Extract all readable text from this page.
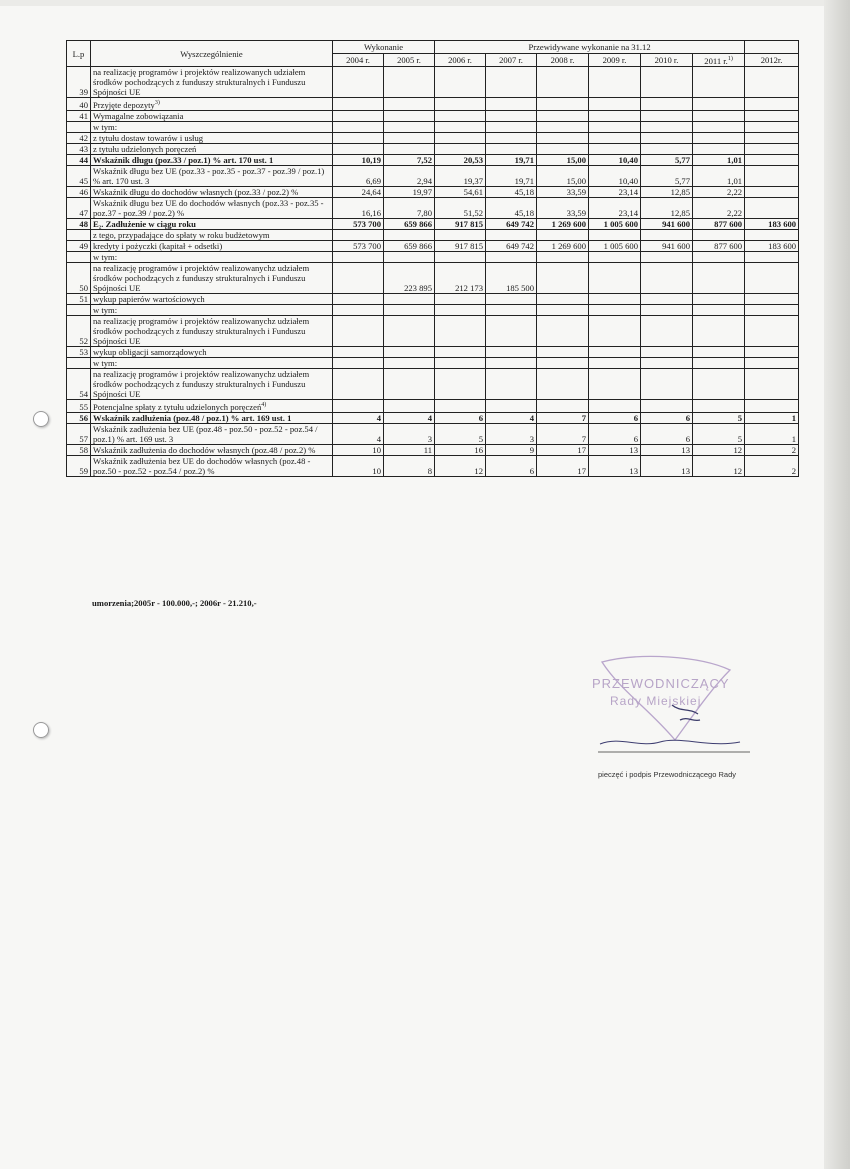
L.p	Wyszczególnienie	Wykonanie		Przewidywane wykonanie na 31.12						
		2004 r.	2005 r.	2006 r.	2007 r.	2008 r.	2009 r.	2010 r.	2011 r.$^{1)}$	2012r.
39	na realizację programów i projektów realizowanych udziałem środków pochodzących z funduszy strukturalnych i Funduszu Spójności UE									
40	Przyjęte depozyty$^{3)}$									
41	Wymagalne zobowiązania									
	w tym:									
42	z tytułu dostaw towarów i usług									
43	z tytułu udzielonych poręczeń									
44	Wskaźnik długu (poz.33 / poz.1) % art. 170 ust. 1	10,19	7,52	20,53	19,71	15,00	10,40	5,77	1,01	
45	Wskaźnik długu bez UE (poz.33 - poz.35 - poz.37 - poz.39 / poz.1) % art. 170 ust. 3	6,69	2,94	19,37	19,71	15,00	10,40	5,77	1,01	
46	Wskaźnik długu do dochodów własnych (poz.33 / poz.2) %	24,64	19,97	54,61	45,18	33,59	23,14	12,85	2,22	
47	Wskaźnik długu bez UE do dochodów własnych (poz.33 - poz.35 - poz.37 - poz.39 / poz.2) %	16,16	7,80	51,52	45,18	33,59	23,14	12,85	2,22	
48	E₂. Zadłużenie w ciągu roku	573 700	659 866	917 815	649 742	1 269 600	1 005 600	941 600	877 600	183 600
	z tego, przypadające do spłaty w roku budżetowym									
49	kredyty i pożyczki (kapitał + odsetki)	573 700	659 866	917 815	649 742	1 269 600	1 005 600	941 600	877 600	183 600
	w tym:									
50	na realizację programów i projektów realizowanychz udziałem środków pochodzących z funduszy strukturalnych i Funduszu Spójności UE		223 895	212 173	185 500					
51	wykup papierów wartościowych									
	w tym:									
52	na realizację programów i projektów realizowanychz udziałem środków pochodzących z funduszy strukturalnych i Funduszu Spójności UE									
53	wykup obligacji samorządowych									
	w tym:									
54	na realizację programów i projektów realizowanychz udziałem środków pochodzących z funduszy strukturalnych i Funduszu Spójności UE									
55	Potencjalne spłaty z tytułu udzielonych poręczeń$^{4)}$									
56	Wskaźnik zadłużenia (poz.48 / poz.1) % art. 169 ust. 1	4	4	6	4	7	6	6	5	1
57	Wskaźnik zadłużenia bez UE (poz.48 - poz.50 - poz.52 - poz.54 / poz.1) % art. 169 ust. 3	4	3	5	3	7	6	6	5	1
58	Wskaźnik zadłużenia do dochodów własnych (poz.48 / poz.2) %	10	11	16	9	17	13	13	12	2
59	Wskaźnik zadłużenia bez UE do dochodów własnych (poz.48 - poz.50 - poz.52 - poz.54 / poz.2) %	10	8	12	6	17	13	13	12	2
umorzenia;2005r - 100.000,-; 2006r - 21.210,-
PRZEWODNICZĄCY
Rady Miejskiej
pieczęć i podpis Przewodniczącego Rady
